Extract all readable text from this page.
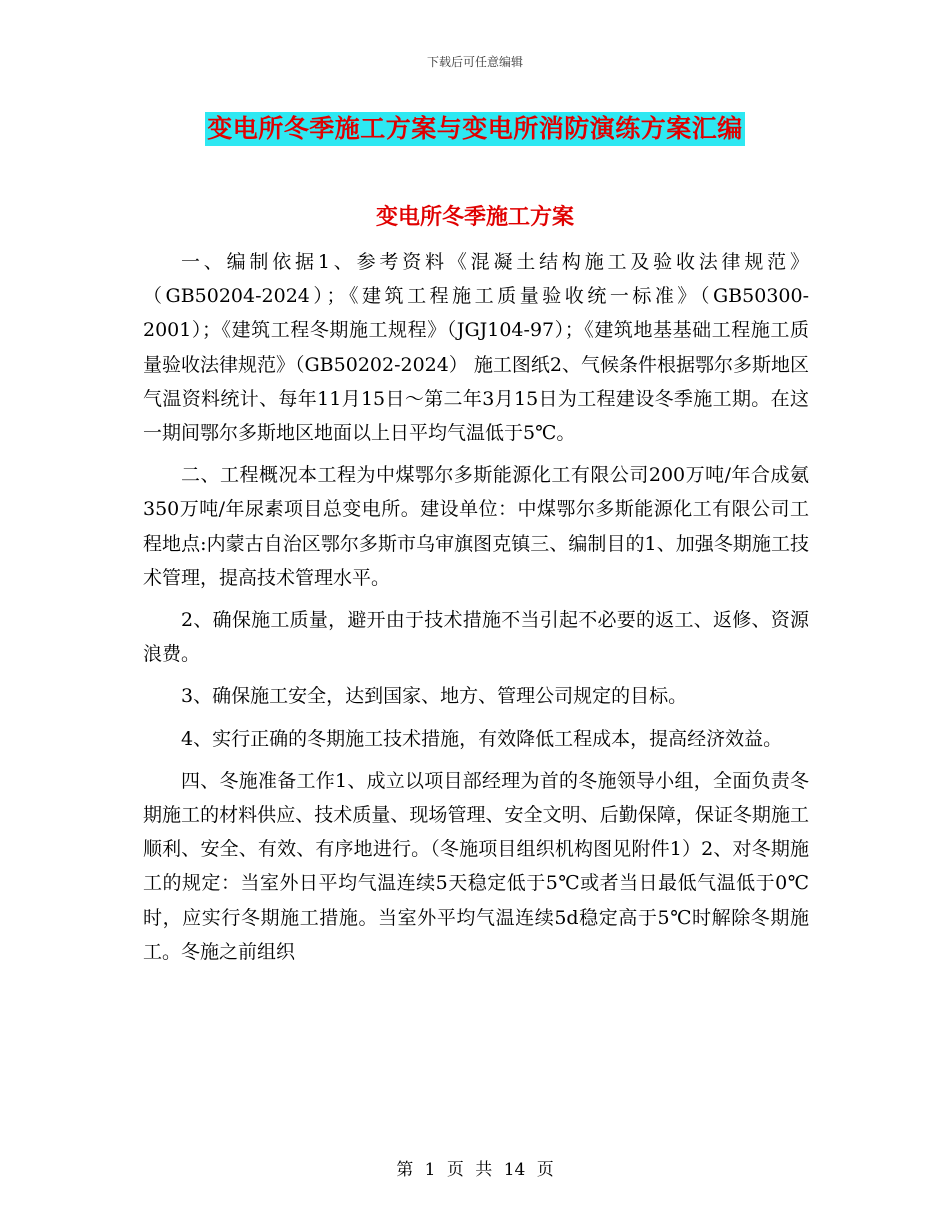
下载后可任意编辑
变电所冬季施工方案与变电所消防演练方案汇编
变电所冬季施工方案

一、编制依据1、参考资料《混凝土结构施工及验收法律规范》（GB50204-2024）；《建筑工程施工质量验收统一标准》（GB50300-2001）；《建筑工程冬期施工规程》（JGJ104-97）；《建筑地基基础工程施工质量验收法律规范》（GB50202-2024） 施工图纸2、气候条件根据鄂尔多斯地区气温资料统计、每年11月15日～第二年3月15日为工程建设冬季施工期。在这一期间鄂尔多斯地区地面以上日平均气温低于5℃。

二、工程概况本工程为中煤鄂尔多斯能源化工有限公司200万吨/年合成氨350万吨/年尿素项目总变电所。建设单位：中煤鄂尔多斯能源化工有限公司工程地点:内蒙古自治区鄂尔多斯市乌审旗图克镇三、编制目的1、加强冬期施工技术管理，提高技术管理水平。

2、确保施工质量，避开由于技术措施不当引起不必要的返工、返修、资源浪费。

3、确保施工安全，达到国家、地方、管理公司规定的目标。

4、实行正确的冬期施工技术措施，有效降低工程成本，提高经济效益。

四、冬施准备工作1、成立以项目部经理为首的冬施领导小组，全面负责冬期施工的材料供应、技术质量、现场管理、安全文明、后勤保障，保证冬期施工顺利、安全、有效、有序地进行。（冬施项目组织机构图见附件1）2、对冬期施工的规定：当室外日平均气温连续5天稳定低于5℃或者当日最低气温低于0℃时，应实行冬期施工措施。当室外平均气温连续5d稳定高于5℃时解除冬期施工。冬施之前组织

第 1 页 共 14 页
